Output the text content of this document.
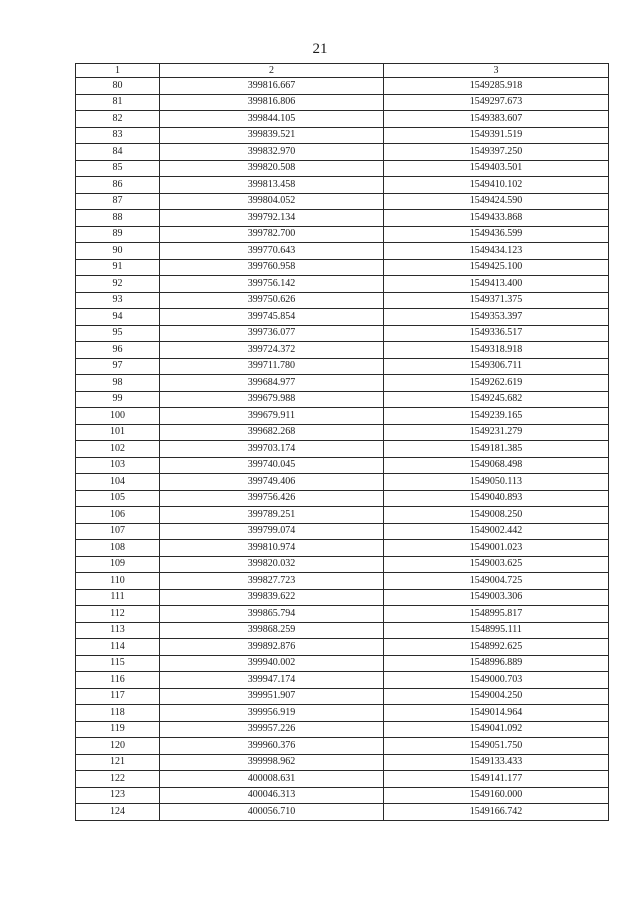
21
1	2	3
80	399816.667	1549285.918
81	399816.806	1549297.673
82	399844.105	1549383.607
83	399839.521	1549391.519
84	399832.970	1549397.250
85	399820.508	1549403.501
86	399813.458	1549410.102
87	399804.052	1549424.590
88	399792.134	1549433.868
89	399782.700	1549436.599
90	399770.643	1549434.123
91	399760.958	1549425.100
92	399756.142	1549413.400
93	399750.626	1549371.375
94	399745.854	1549353.397
95	399736.077	1549336.517
96	399724.372	1549318.918
97	399711.780	1549306.711
98	399684.977	1549262.619
99	399679.988	1549245.682
100	399679.911	1549239.165
101	399682.268	1549231.279
102	399703.174	1549181.385
103	399740.045	1549068.498
104	399749.406	1549050.113
105	399756.426	1549040.893
106	399789.251	1549008.250
107	399799.074	1549002.442
108	399810.974	1549001.023
109	399820.032	1549003.625
110	399827.723	1549004.725
111	399839.622	1549003.306
112	399865.794	1548995.817
113	399868.259	1548995.111
114	399892.876	1548992.625
115	399940.002	1548996.889
116	399947.174	1549000.703
117	399951.907	1549004.250
118	399956.919	1549014.964
119	399957.226	1549041.092
120	399960.376	1549051.750
121	399998.962	1549133.433
122	400008.631	1549141.177
123	400046.313	1549160.000
124	400056.710	1549166.742
